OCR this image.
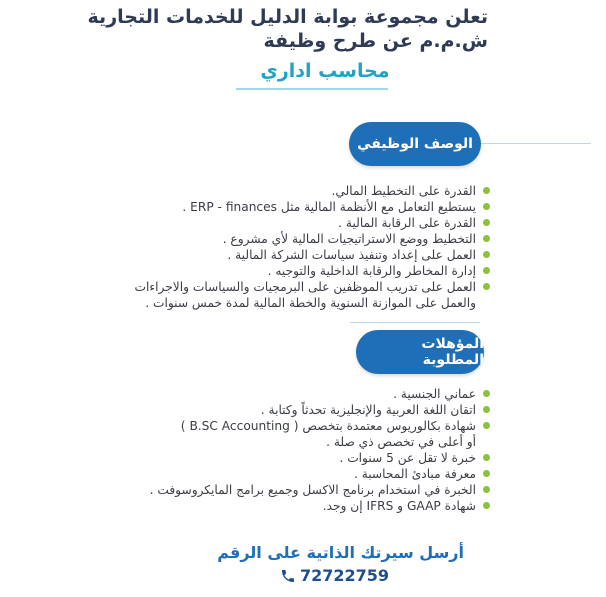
تعلن مجموعة بوابة الدليل للخدمات التجارية
ش.م.م عن طرح وظيفة
محاسب اداري
الوصف الوظيفي
القدرة على التخطيط المالي.
يستطيع التعامل مع الأنظمة المالية مثل ERP - finances .
القدرة على الرقابة المالية .
التخطيط ووضع الاستراتيجيات المالية لأي مشروع .
العمل على إعداد وتنفيذ سياسات الشركة المالية .
إدارة المخاطر والرقابة الداخلية والتوجيه .
العمل على تدريب الموظفين على البرمجيات والسياسات والاجراءات
والعمل على الموازنة السنوية والخطة المالية لمدة خمس سنوات .
المؤهلات المطلوبة
عماني الجنسية .
اتقان اللغة العربية والإنجليزية تحدثاً وكتابة .
شهادة بكالوريوس معتمدة بتخصص ( B.SC Accounting )
أو أعلى في تخصص ذي صلة .
خبرة لا تقل عن 5 سنوات .
معرفة مبادئ المحاسبة .
الخبرة في استخدام برنامج الاكسل وجميع برامج المايكروسوفت .
شهادة GAAP و IFRS إن وجد.
أرسل سيرتك الذاتية على الرقم
72722759
